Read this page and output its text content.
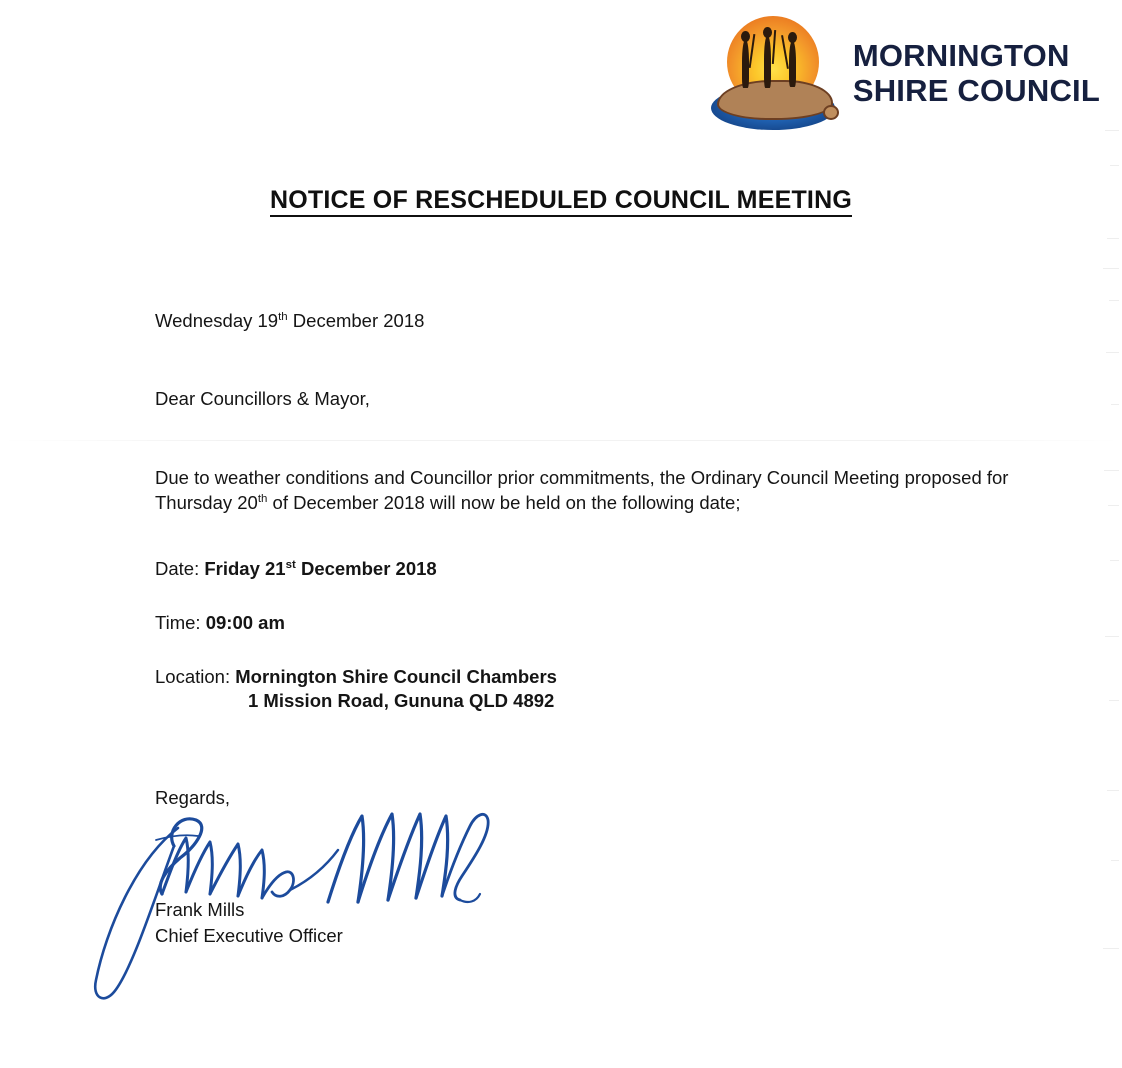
MORNINGTON
SHIRE COUNCIL
NOTICE OF RESCHEDULED COUNCIL MEETING

Wednesday 19th December 2018

Dear Councillors & Mayor,

Due to weather conditions and Councillor prior commitments, the Ordinary Council Meeting proposed for Thursday 20th of December 2018 will now be held on the following date;

Date: Friday 21st December 2018

Time: 09:00 am

Location: Mornington Shire Council Chambers

1 Mission Road, Gununa QLD 4892

Regards,

Frank Mills
Chief Executive Officer
